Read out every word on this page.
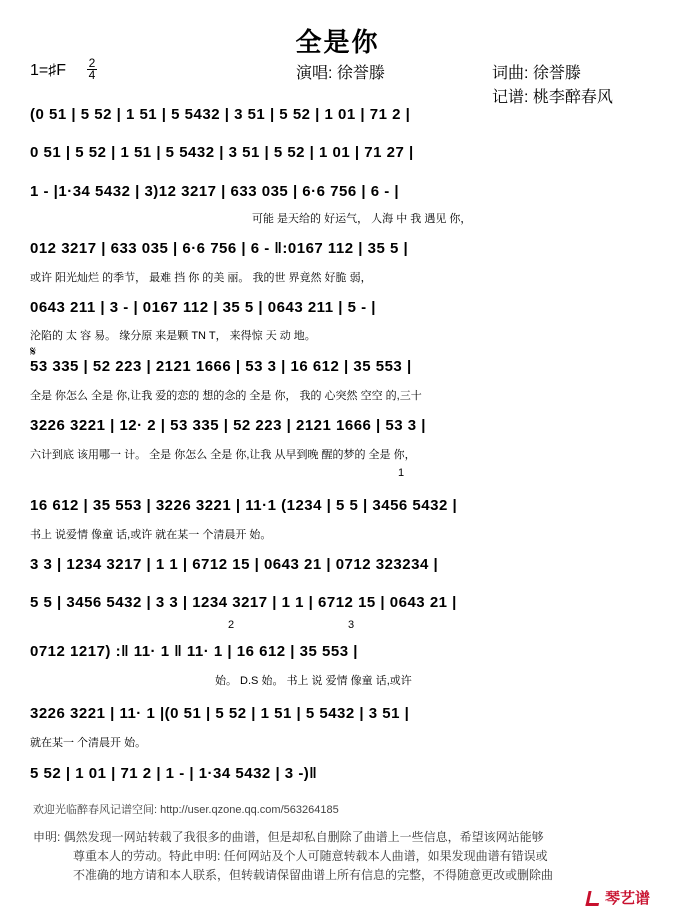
全是你
1=♯F 2
4	演唱: 徐誉滕	词曲: 徐誉滕
记谱: 桃李醉春风
𝄋
1
2	3
(0 51 | 5 52 | 1 51 | 5 5432 | 3 51 | 5 52 | 1 01 | 71 2 |
0 51 | 5 52 | 1 51 | 5 5432 | 3 51 | 5 52 | 1 01 | 71 27 |
1 - |1·34 5432 | 3)12 3217 | 633 035 | 6·6 756 | 6 - |
可能 是天给的 好运气， 人海 中 我 遇见 你，
012 3217 | 633 035 | 6·6 756 | 6 - ‖:0167 112 | 35 5 |
或许 阳光灿烂 的季节， 最难 挡 你 的美 丽。 我的世 界竟然 好脆 弱，
0643 211 | 3 - | 0167 112 | 35 5 | 0643 211 | 5 - |
沦陷的 太 容 易。 缘分原 来是颗 TN T， 来得惊 天 动 地。
53 335 | 52 223 | 2121 1666 | 53 3 | 16 612 | 35 553 |
全是 你怎么 全是 你,让我 爱的恋的 想的念的 全是 你， 我的 心突然 空空 的,三十
3226 3221 | 12· 2 | 53 335 | 52 223 | 2121 1666 | 53 3 |
六计到底 该用哪一 计。 全是 你怎么 全是 你,让我 从早到晚 醒的梦的 全是 你，
16 612 | 35 553 | 3226 3221 | 11·1 (1234 | 5 5 | 3456 5432 |
书上 说爱情 像童 话,或许 就在某一 个清晨开 始。
3 3 | 1234 3217 | 1 1 | 6712 15 | 0643 21 | 0712 323234 |
5 5 | 3456 5432 | 3 3 | 1234 3217 | 1 1 | 6712 15 | 0643 21 |
0712 1217) :‖ 11· 1 ‖ 11· 1 | 16 612 | 35 553 |
始。 D.S 始。 书上 说 爱情 像童 话,或许
3226 3221 | 11· 1 |(0 51 | 5 52 | 1 51 | 5 5432 | 3 51 |
就在某一 个清晨开 始。
5 52 | 1 01 | 71 2 | 1 - | 1·34 5432 | 3 -)‖
欢迎光临醉春风记谱空间: http://user.qzone.qq.com/563264185
申明: 偶然发现一网站转载了我很多的曲谱，但是却私自删除了曲谱上一些信息，希望该网站能够
尊重本人的劳动。特此申明: 任何网站及个人可随意转载本人曲谱，如果发现曲谱有错误或
不准确的地方请和本人联系，但转载请保留曲谱上所有信息的完整，不得随意更改或删除曲
琴艺谱
